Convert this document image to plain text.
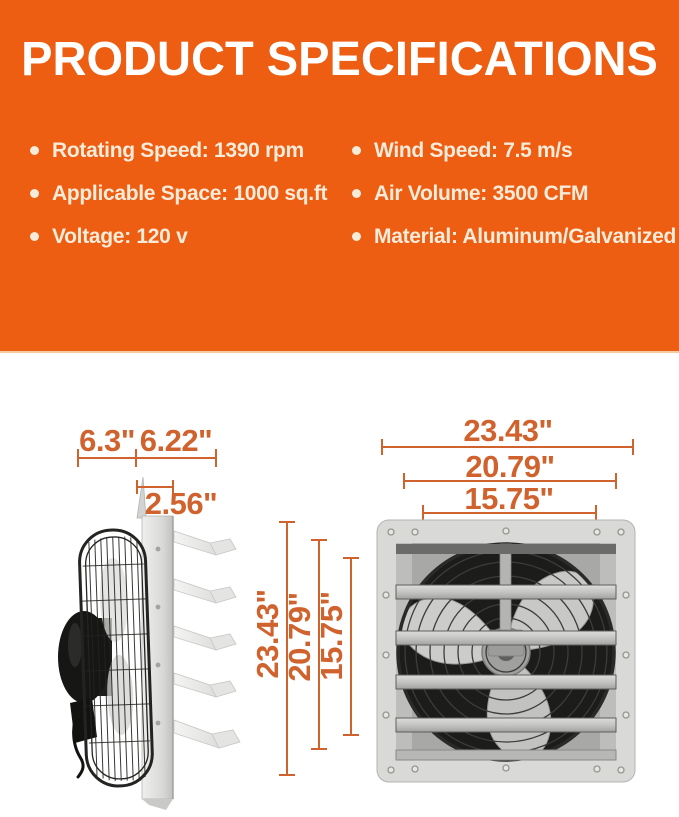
PRODUCT SPECIFICATIONS
Rotating Speed: 1390 rpm
Applicable Space: 1000 sq.ft
Voltage: 120 v
Wind Speed: 7.5 m/s
Air Volume: 3500 CFM
Material: Aluminum/Galvanized
6.3" 6.22"
2.56"
23.43"
20.79"
15.75"
23.43"
20.79"
15.75"
